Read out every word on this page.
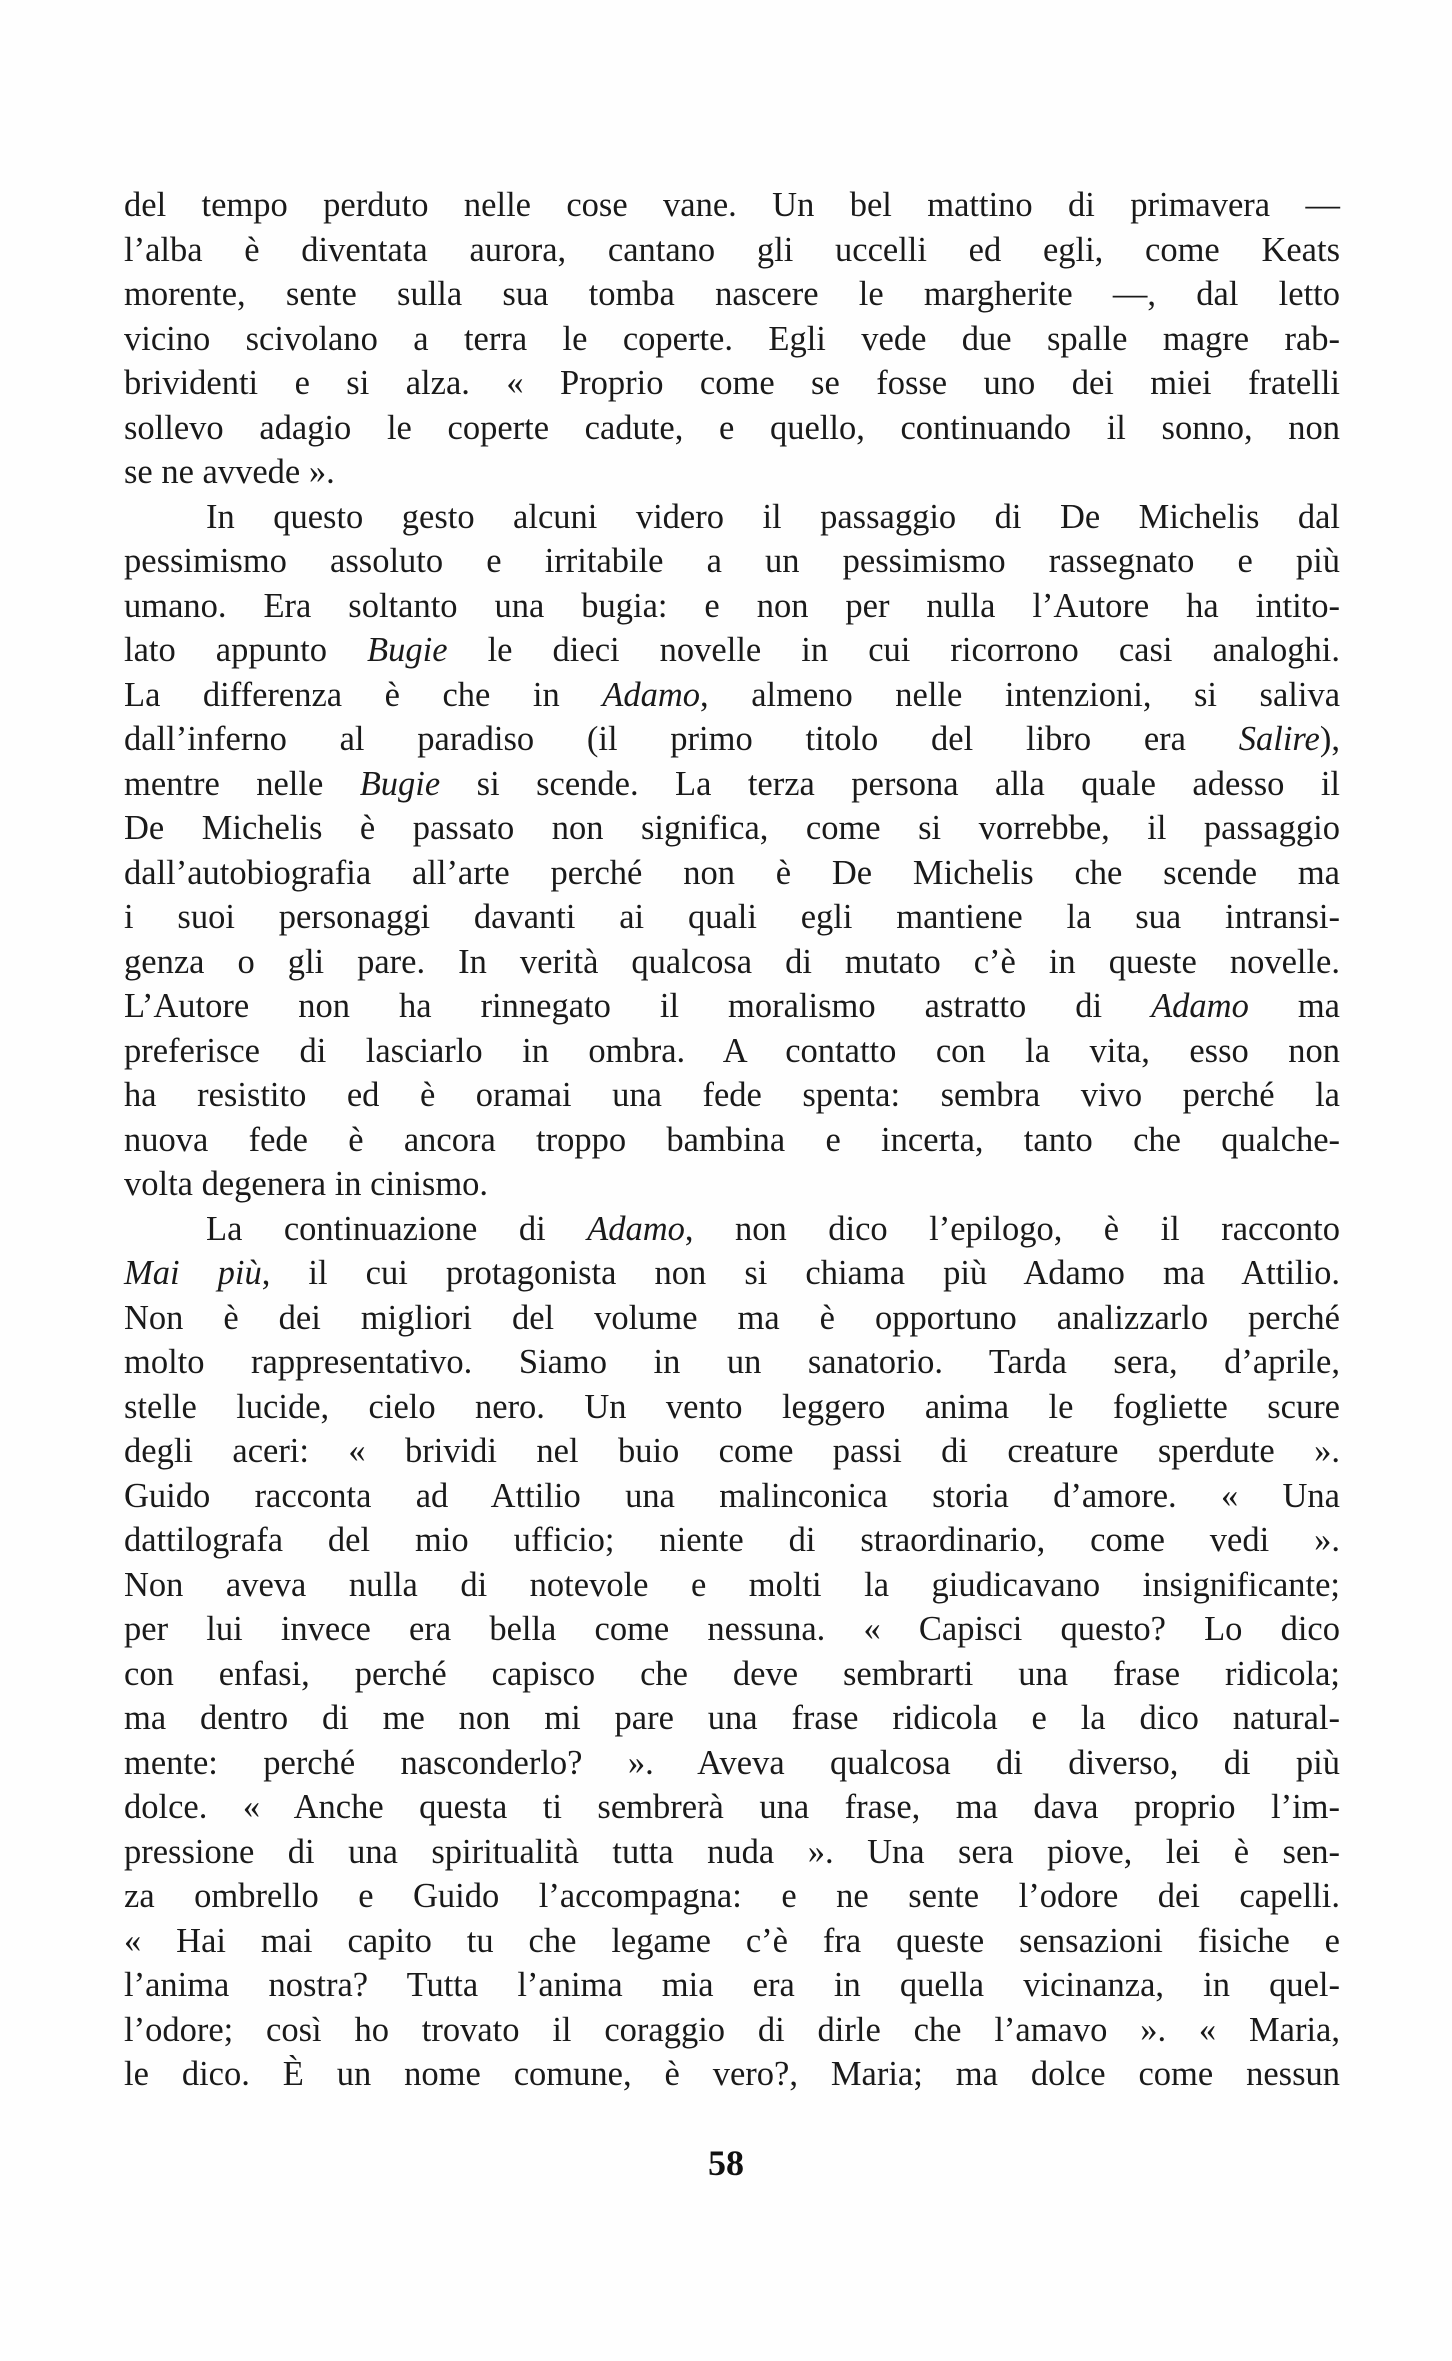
del tempo perduto nelle cose vane. Un bel mattino di primavera —
l’alba è diventata aurora, cantano gli uccelli ed egli, come Keats
morente, sente sulla sua tomba nascere le margherite —, dal letto
vicino scivolano a terra le coperte. Egli vede due spalle magre rab-
brividenti e si alza. « Proprio come se fosse uno dei miei fratelli
sollevo adagio le coperte cadute, e quello, continuando il sonno, non
se ne avvede ».
In questo gesto alcuni videro il passaggio di De Michelis dal
pessimismo assoluto e irritabile a un pessimismo rassegnato e più
umano. Era soltanto una bugia: e non per nulla l’Autore ha intito-
lato appunto Bugie le dieci novelle in cui ricorrono casi analoghi.
La differenza è che in Adamo, almeno nelle intenzioni, si saliva
dall’inferno al paradiso (il primo titolo del libro era Salire),
mentre nelle Bugie si scende. La terza persona alla quale adesso il
De Michelis è passato non significa, come si vorrebbe, il passaggio
dall’autobiografia all’arte perché non è De Michelis che scende ma
i suoi personaggi davanti ai quali egli mantiene la sua intransi-
genza o gli pare. In verità qualcosa di mutato c’è in queste novelle.
L’Autore non ha rinnegato il moralismo astratto di Adamo ma
preferisce di lasciarlo in ombra. A contatto con la vita, esso non
ha resistito ed è oramai una fede spenta: sembra vivo perché la
nuova fede è ancora troppo bambina e incerta, tanto che qualche-
volta degenera in cinismo.
La continuazione di Adamo, non dico l’epilogo, è il racconto
Mai più, il cui protagonista non si chiama più Adamo ma Attilio.
Non è dei migliori del volume ma è opportuno analizzarlo perché
molto rappresentativo. Siamo in un sanatorio. Tarda sera, d’aprile,
stelle lucide, cielo nero. Un vento leggero anima le fogliette scure
degli aceri: « brividi nel buio come passi di creature sperdute ».
Guido racconta ad Attilio una malinconica storia d’amore. « Una
dattilografa del mio ufficio; niente di straordinario, come vedi ».
Non aveva nulla di notevole e molti la giudicavano insignificante;
per lui invece era bella come nessuna. « Capisci questo? Lo dico
con enfasi, perché capisco che deve sembrarti una frase ridicola;
ma dentro di me non mi pare una frase ridicola e la dico natural-
mente: perché nasconderlo? ». Aveva qualcosa di diverso, di più
dolce. « Anche questa ti sembrerà una frase, ma dava proprio l’im-
pressione di una spiritualità tutta nuda ». Una sera piove, lei è sen-
za ombrello e Guido l’accompagna: e ne sente l’odore dei capelli.
« Hai mai capito tu che legame c’è fra queste sensazioni fisiche e
l’anima nostra? Tutta l’anima mia era in quella vicinanza, in quel-
l’odore; così ho trovato il coraggio di dirle che l’amavo ». « Maria,
le dico. È un nome comune, è vero?, Maria; ma dolce come nessun
58
